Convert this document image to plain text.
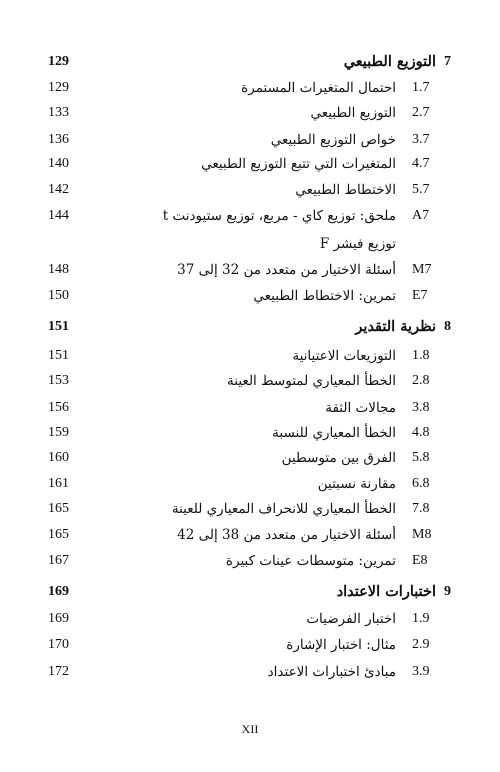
7
التوزيع الطبيعي
129
1.7
احتمال المتغيرات المستمرة
129
2.7
التوزيع الطبيعي
133
3.7
خواص التوزيع الطبيعي
136
4.7
المتغيرات التي تتبع التوزيع الطبيعي
140
5.7
الاختطاط الطبيعي
142
A7
ملحق: توزيع كاي - مربع، توزيع ستيودنت t
144
توزيع فيشر F
M7
أسئلة الاختيار من متعدد من 32 إلى 37
148
E7
تمرين: الاختطاط الطبيعي
150
8
نظرية التقدير
151
1.8
التوزيعات الاعتيانية
151
2.8
الخطأ المعياري لمتوسط العينة
153
3.8
مجالات الثقة
156
4.8
الخطأ المعياري للنسبة
159
5.8
الفرق بين متوسطين
160
6.8
مقارنة نسبتين
161
7.8
الخطأ المعياري للانحراف المعياري للعينة
165
M8
أسئلة الاختيار من متعدد من 38 إلى 42
165
E8
تمرين: متوسطات عينات كبيرة
167
9
اختبارات الاعتداد
169
1.9
اختبار الفرضيات
169
2.9
مثال: اختبار الإشارة
170
3.9
مبادئ اختبارات الاعتداد
172
XII
